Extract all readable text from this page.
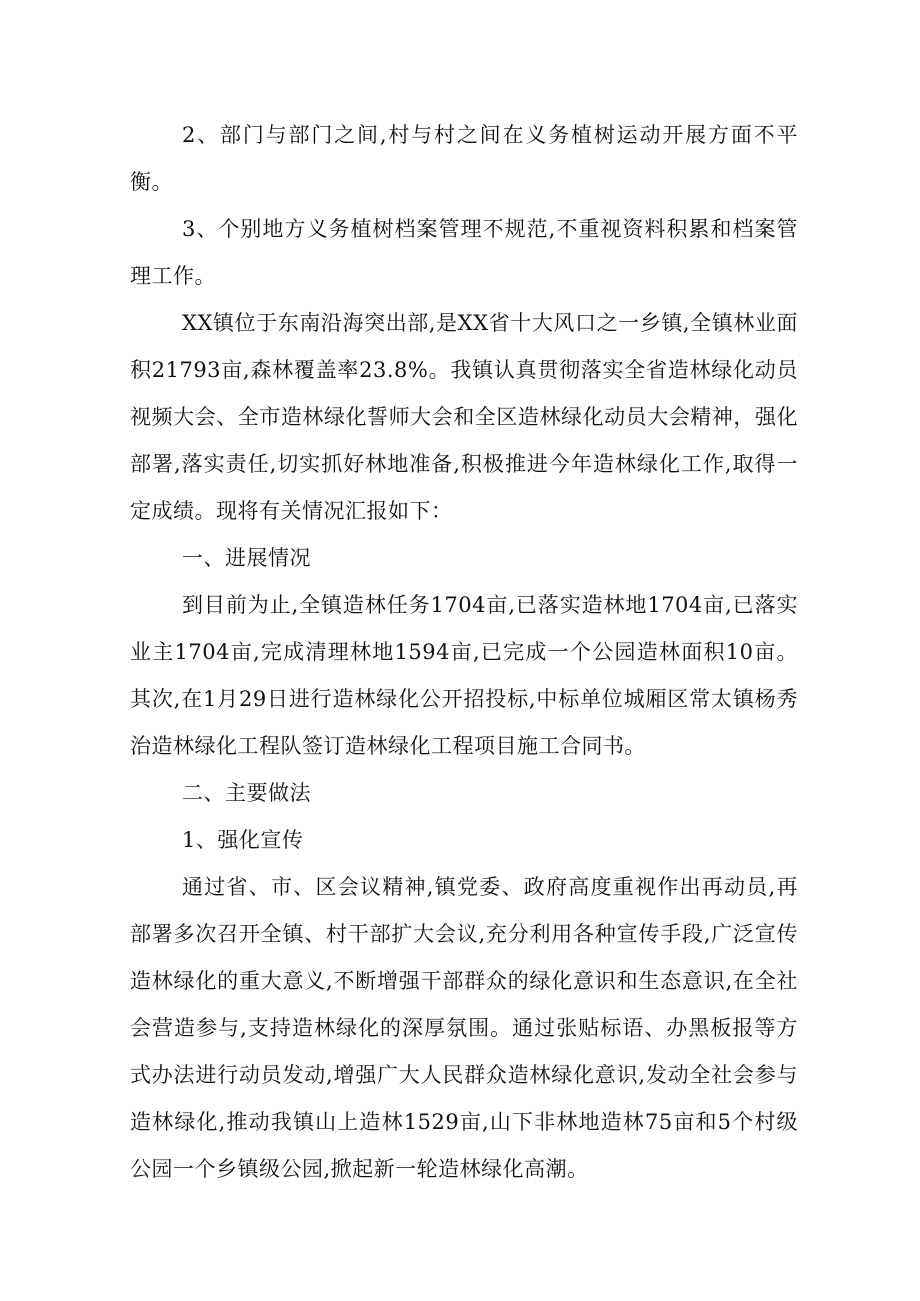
2、部门与部门之间,村与村之间在义务植树运动开展方面不平衡。

3、个别地方义务植树档案管理不规范,不重视资料积累和档案管理工作。

XX镇位于东南沿海突出部,是XX省十大风口之一乡镇,全镇林业面积21793亩,森林覆盖率23.8%。我镇认真贯彻落实全省造林绿化动员视频大会、全市造林绿化誓师大会和全区造林绿化动员大会精神，强化部署,落实责任,切实抓好林地准备,积极推进今年造林绿化工作,取得一定成绩。现将有关情况汇报如下：

一、进展情况

到目前为止,全镇造林任务1704亩,已落实造林地1704亩,已落实业主1704亩,完成清理林地1594亩,已完成一个公园造林面积10亩。其次,在1月29日进行造林绿化公开招投标,中标单位城厢区常太镇杨秀治造林绿化工程队签订造林绿化工程项目施工合同书。

二、主要做法

1、强化宣传

通过省、市、区会议精神,镇党委、政府高度重视作出再动员,再部署多次召开全镇、村干部扩大会议,充分利用各种宣传手段,广泛宣传造林绿化的重大意义,不断增强干部群众的绿化意识和生态意识,在全社会营造参与,支持造林绿化的深厚氛围。通过张贴标语、办黑板报等方式办法进行动员发动,增强广大人民群众造林绿化意识,发动全社会参与造林绿化,推动我镇山上造林1529亩,山下非林地造林75亩和5个村级公园一个乡镇级公园,掀起新一轮造林绿化高潮。
